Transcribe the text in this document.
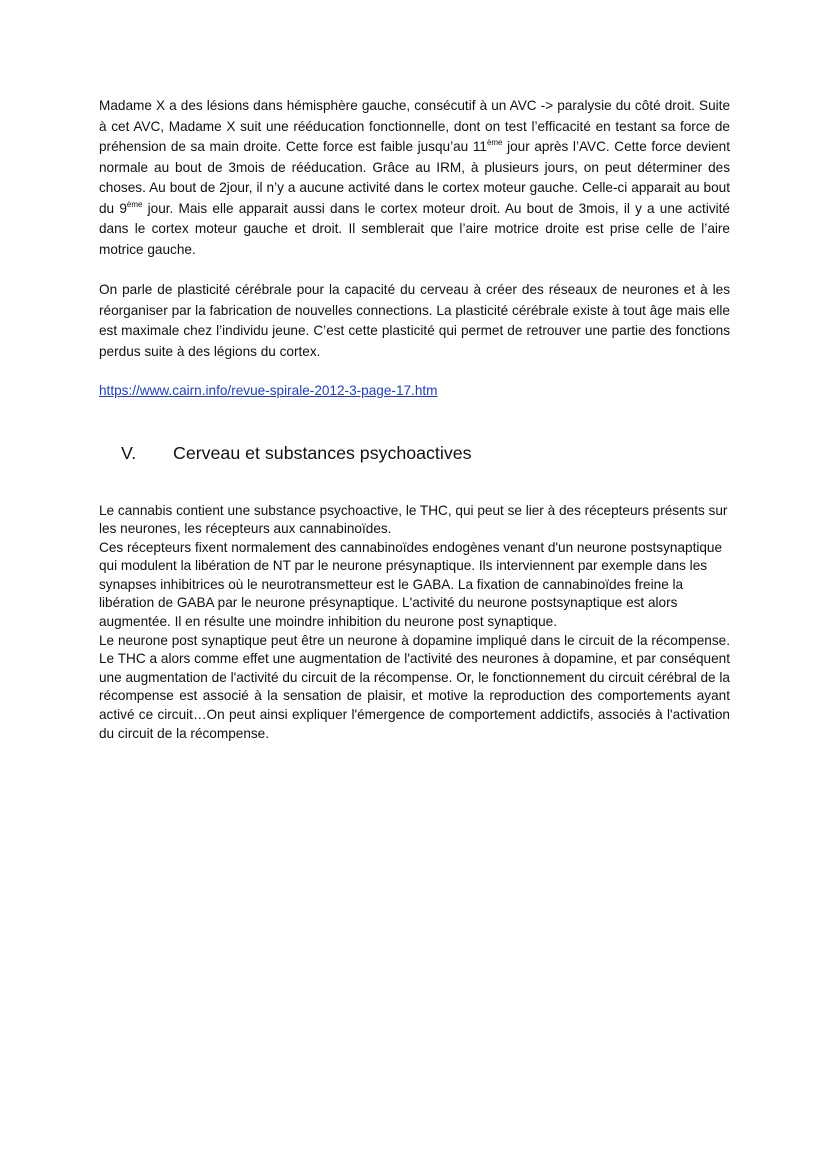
Madame X a des lésions dans hémisphère gauche, consécutif à un AVC -> paralysie du côté droit. Suite à cet AVC, Madame X suit une rééducation fonctionnelle, dont on test l’efficacité en testant sa force de préhension de sa main droite. Cette force est faible jusqu’au 11ème jour après l’AVC. Cette force devient normale au bout de 3mois de rééducation. Grâce au IRM, à plusieurs jours, on peut déterminer des choses. Au bout de 2jour, il n’y a aucune activité dans le cortex moteur gauche. Celle-ci apparait au bout du 9ème jour. Mais elle apparait aussi dans le cortex moteur droit. Au bout de 3mois, il y a une activité dans le cortex moteur gauche et droit. Il semblerait que l’aire motrice droite est prise celle de l’aire motrice gauche.

On parle de plasticité cérébrale pour la capacité du cerveau à créer des réseaux de neurones et à les réorganiser par la fabrication de nouvelles connections. La plasticité cérébrale existe à tout âge mais elle est maximale chez l’individu jeune. C’est cette plasticité qui permet de retrouver une partie des fonctions perdus suite à des légions du cortex.

https://www.cairn.info/revue-spirale-2012-3-page-17.htm
V.	Cerveau et substances psychoactives

Le cannabis contient une substance psychoactive, le THC, qui peut se lier à des récepteurs présents sur les neurones, les récepteurs aux cannabinoïdes.

Ces récepteurs fixent normalement des cannabinoïdes endogènes venant d'un neurone postsynaptique qui modulent la libération de NT par le neurone présynaptique. Ils interviennent par exemple dans les synapses inhibitrices où le neurotransmetteur est le GABA. La fixation de cannabinoïdes freine la libération de GABA par le neurone présynaptique. L'activité du neurone postsynaptique est alors augmentée. Il en résulte une moindre inhibition du neurone post synaptique.

Le neurone post synaptique peut être un neurone à dopamine impliqué dans le circuit de la récompense. Le THC a alors comme effet une augmentation de l'activité des neurones à dopamine, et par conséquent une augmentation de l'activité du circuit de la récompense. Or, le fonctionnement du circuit cérébral de la récompense est associé à la sensation de plaisir, et motive la reproduction des comportements ayant activé ce circuit…On peut ainsi expliquer l'émergence de comportement addictifs, associés à l'activation du circuit de la récompense.
